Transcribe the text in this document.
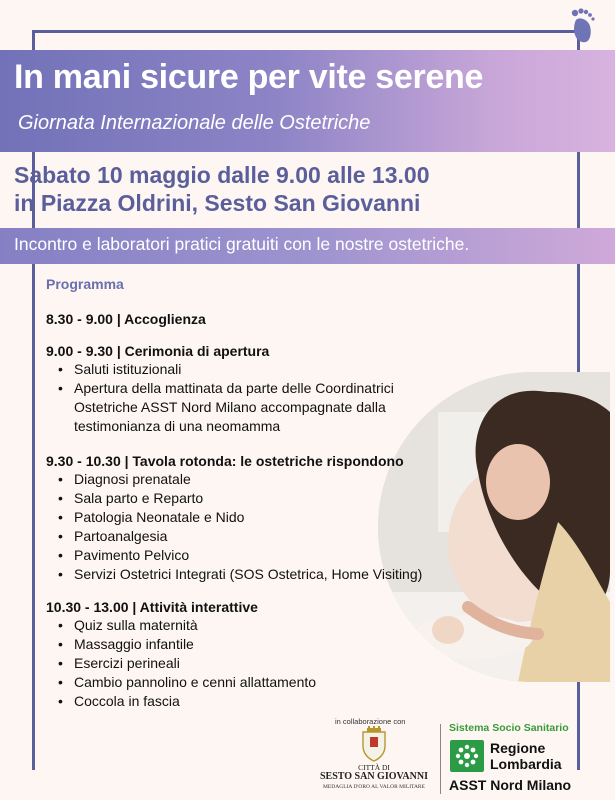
In mani sicure per vite serene
Giornata Internazionale delle Ostetriche
Sabato 10 maggio dalle 9.00 alle 13.00
in Piazza Oldrini, Sesto San Giovanni
Incontro e laboratori pratici gratuiti con le nostre ostetriche.
Programma
8.30 - 9.00 | Accoglienza
9.00 - 9.30 | Cerimonia di apertura
• Saluti istituzionali
• Apertura della mattinata da parte delle Coordinatrici
Ostetriche ASST Nord Milano accompagnate dalla
testimonianza di una neomamma
9.30 - 10.30 | Tavola rotonda: le ostetriche rispondono
• Diagnosi prenatale
• Sala parto e Reparto
• Patologia Neonatale e Nido
• Partoanalgesia
• Pavimento Pelvico
• Servizi Ostetrici Integrati (SOS Ostetrica, Home Visiting)
10.30 - 13.00 | Attività interattive
• Quiz sulla maternità
• Massaggio infantile
• Esercizi perineali
• Cambio pannolino e cenni allattamento
• Coccola in fascia
in collaborazione con
CITTÀ DI
SESTO SAN GIOVANNI
MEDAGLIA D'ORO AL VALOR MILITARE
Sistema Socio Sanitario
Regione
Lombardia
ASST Nord Milano
